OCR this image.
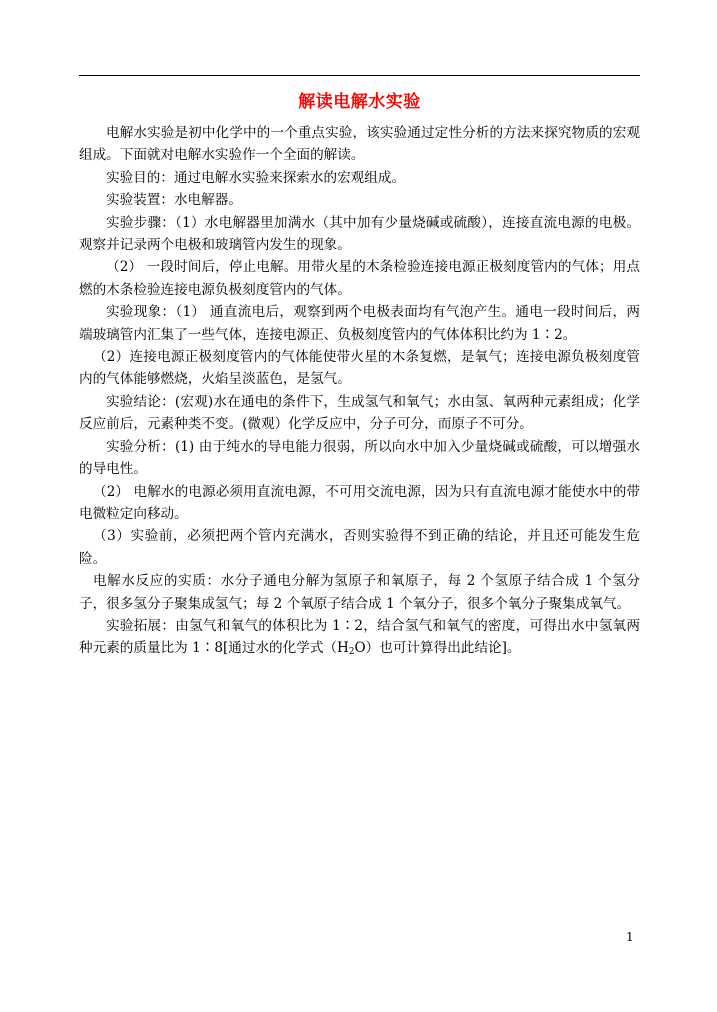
解读电解水实验

电解水实验是初中化学中的一个重点实验，该实验通过定性分析的方法来探究物质的宏观组成。下面就对电解水实验作一个全面的解读。

实验目的：通过电解水实验来探索水的宏观组成。

实验装置：水电解器。

实验步骤：（1）水电解器里加满水（其中加有少量烧碱或硫酸），连接直流电源的电极。观察并记录两个电极和玻璃管内发生的现象。

（2） 一段时间后，停止电解。用带火星的木条检验连接电源正极刻度管内的气体；用点燃的木条检验连接电源负极刻度管内的气体。

实验现象：（1） 通直流电后，观察到两个电极表面均有气泡产生。通电一段时间后，两端玻璃管内汇集了一些气体，连接电源正、负极刻度管内的气体体积比约为 1∶2。

（2）连接电源正极刻度管内的气体能使带火星的木条复燃，是氧气；连接电源负极刻度管内的气体能够燃烧，火焰呈淡蓝色，是氢气。

实验结论：(宏观)水在通电的条件下，生成氢气和氧气；水由氢、氧两种元素组成；化学反应前后，元素种类不变。(微观）化学反应中，分子可分，而原子不可分。

实验分析：(1) 由于纯水的导电能力很弱，所以向水中加入少量烧碱或硫酸，可以增强水的导电性。

（2） 电解水的电源必须用直流电源，不可用交流电源，因为只有直流电源才能使水中的带电微粒定向移动。

（3）实验前，必须把两个管内充满水，否则实验得不到正确的结论，并且还可能发生危险。

电解水反应的实质：水分子通电分解为氢原子和氧原子，每 2 个氢原子结合成 1 个氢分子，很多氢分子聚集成氢气；每 2 个氧原子结合成 1 个氧分子，很多个氧分子聚集成氧气。

实验拓展：由氢气和氧气的体积比为 1∶2，结合氢气和氧气的密度，可得出水中氢氧两种元素的质量比为 1∶8[通过水的化学式$(H_2O)$也可计算得出此结论]。

1
